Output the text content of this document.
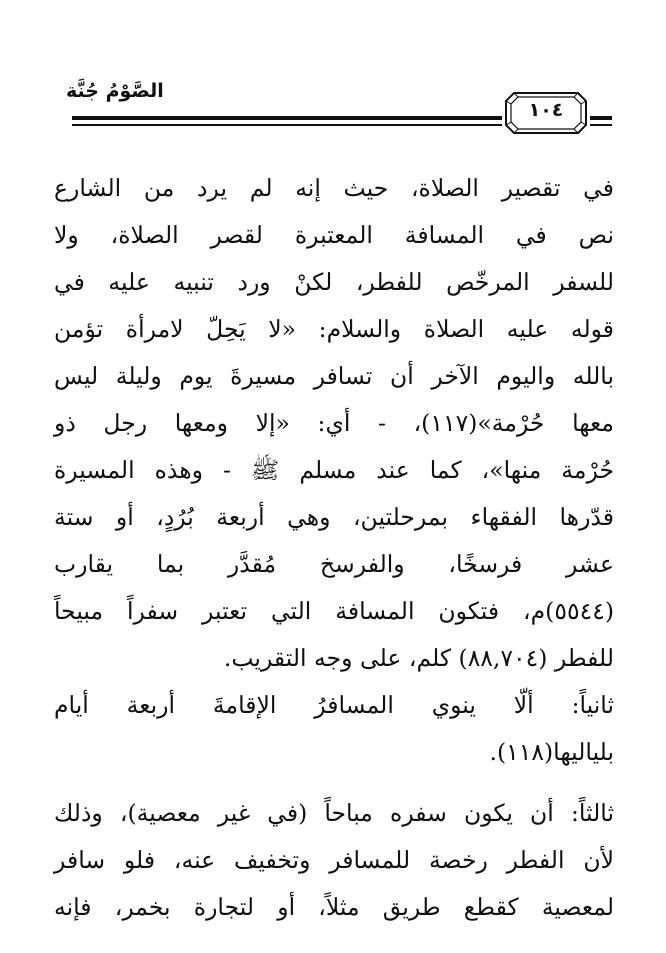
الصَّوْمُ جُنَّة
١٠٤
في تقصير الصلاة، حيث إنه لم يرد من الشارع
نص في المسافة المعتبرة لقصر الصلاة، ولا
للسفر المرخّص للفطر، لكنْ ورد تنبيه عليه في
قوله عليه الصلاة والسلام: «لا يَحِلّ لامرأة تؤمن
بالله واليوم الآخر أن تسافر مسيرةَ يوم وليلة ليس
معها حُرْمة»(١١٧)، - أي: «إلا ومعها رجل ذو
حُرْمة منها»، كما عند مسلم ﷺ - وهذه المسيرة
قدّرها الفقهاء بمرحلتين، وهي أربعة بُرُدٍ، أو ستة
عشر فرسخًا، والفرسخ مُقدَّر بما يقارب
(٥٥٤٤)م، فتكون المسافة التي تعتبر سفراً مبيحاً
للفطر (٨٨,٧٠٤) كلم، على وجه التقريب.
ثانياً: ألّا ينوي المسافرُ الإقامةَ أربعة أيام
بلياليها(١١٨).
ثالثاً: أن يكون سفره مباحاً (في غير معصية)، وذلك
لأن الفطر رخصة للمسافر وتخفيف عنه، فلو سافر
لمعصية كقطع طريق مثلاً، أو لتجارة بخمر، فإنه
